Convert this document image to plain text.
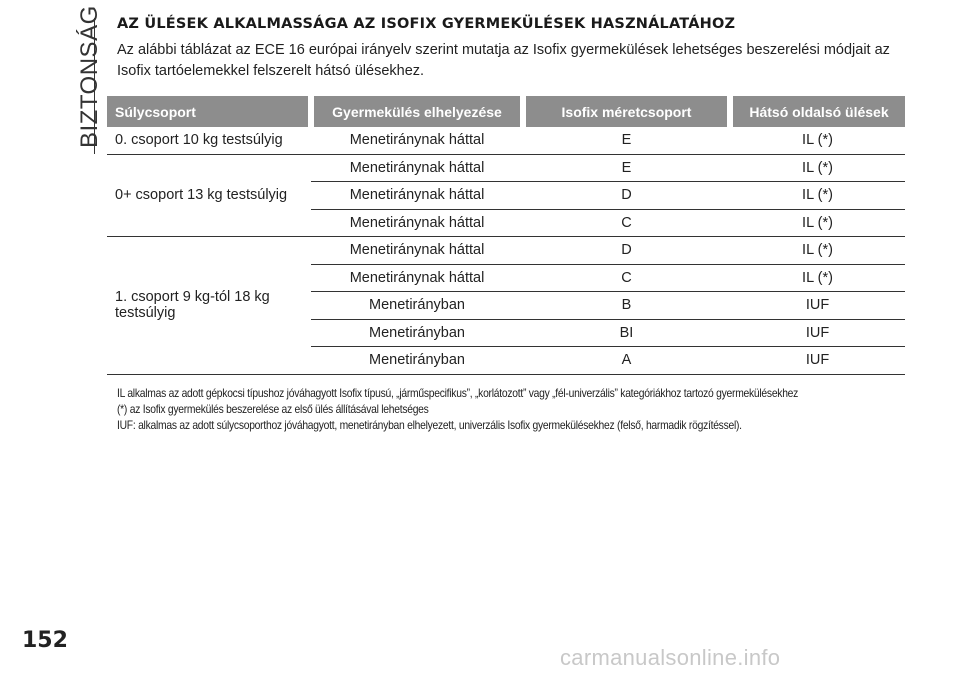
BIZTONSÁG AZ ÜLÉSEK ALKALMASSÁGA AZ ISOFIX GYERMEKÜLÉSEK HASZNÁLATÁHOZ
Az alábbi táblázat az ECE 16 európai irányelv szerint mutatja az Isofix gyermekülések lehetséges beszerelési módjait az Isofix tartóelemekkel felszerelt hátsó ülésekhez.
Súlycsoport	Gyermekülés elhelyezése	Isofix méretcsoport	Hátsó oldalsó ülések
0. csoport 10 kg testsúlyig	Menetiránynak háttal	E	IL (*)
0+ csoport 13 kg testsúlyig	Menetiránynak háttal	E	IL (*)
	Menetiránynak háttal	D	IL (*)
	Menetiránynak háttal	C	IL (*)
1. csoport 9 kg-tól 18 kg testsúlyig	Menetiránynak háttal	D	IL (*)
	Menetiránynak háttal	C	IL (*)
	Menetirányban	B	IUF
	Menetirányban	BI	IUF
	Menetirányban	A	IUF
IL alkalmas az adott gépkocsi típushoz jóváhagyott Isofix típusú, „járműspecifikus”, „korlátozott” vagy „fél-univerzális” kategóriákhoz tartozó gyermekülésekhez
(*) az Isofix gyermekülés beszerelése az első ülés állításával lehetséges
IUF: alkalmas az adott súlycsoporthoz jóváhagyott, menetirányban elhelyezett, univerzális Isofix gyermekülésekhez (felső, harmadik rögzítéssel).
152
carmanualsonline.info
